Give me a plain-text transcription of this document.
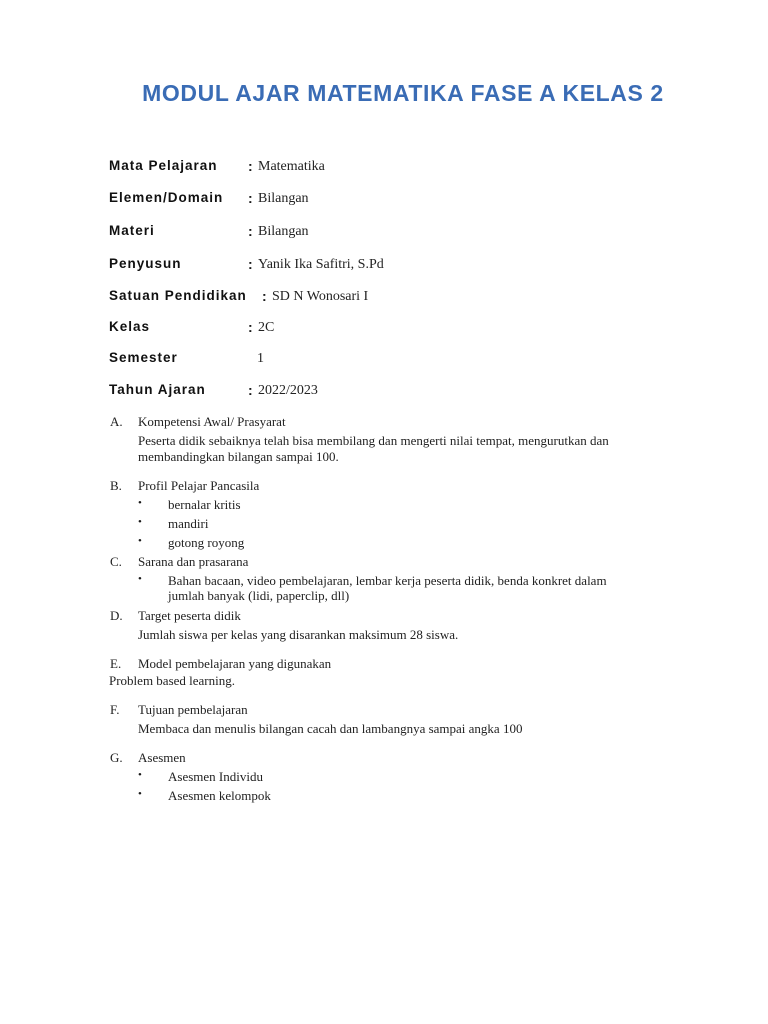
MODUL AJAR MATEMATIKA FASE A KELAS 2
Mata Pelajaran : Matematika
Elemen/Domain : Bilangan
Materi	: Bilangan
Penyusun	: Yanik Ika Safitri, S.Pd
Satuan Pendidikan : SD N Wonosari I
Kelas	: 2C
Semester	1
Tahun Ajaran	: 2022/2023
A. Kompetensi Awal/ Prasyarat
Peserta didik sebaiknya telah bisa membilang dan mengerti nilai tempat, mengurutkan dan membandingkan bilangan sampai 100.
B. Profil Pelajar Pancasila
• bernalar kritis
• mandiri
• gotong royong
C. Sarana dan prasarana
• Bahan bacaan, video pembelajaran, lembar kerja peserta didik, benda konkret dalam jumlah banyak (lidi, paperclip, dll)
D. Target peserta didik
Jumlah siswa per kelas yang disarankan maksimum 28 siswa.
E. Model pembelajaran yang digunakan
Problem based learning.
F. Tujuan pembelajaran
Membaca dan menulis bilangan cacah dan lambangnya sampai angka 100
G. Asesmen
• Asesmen Individu
• Asesmen kelompok
